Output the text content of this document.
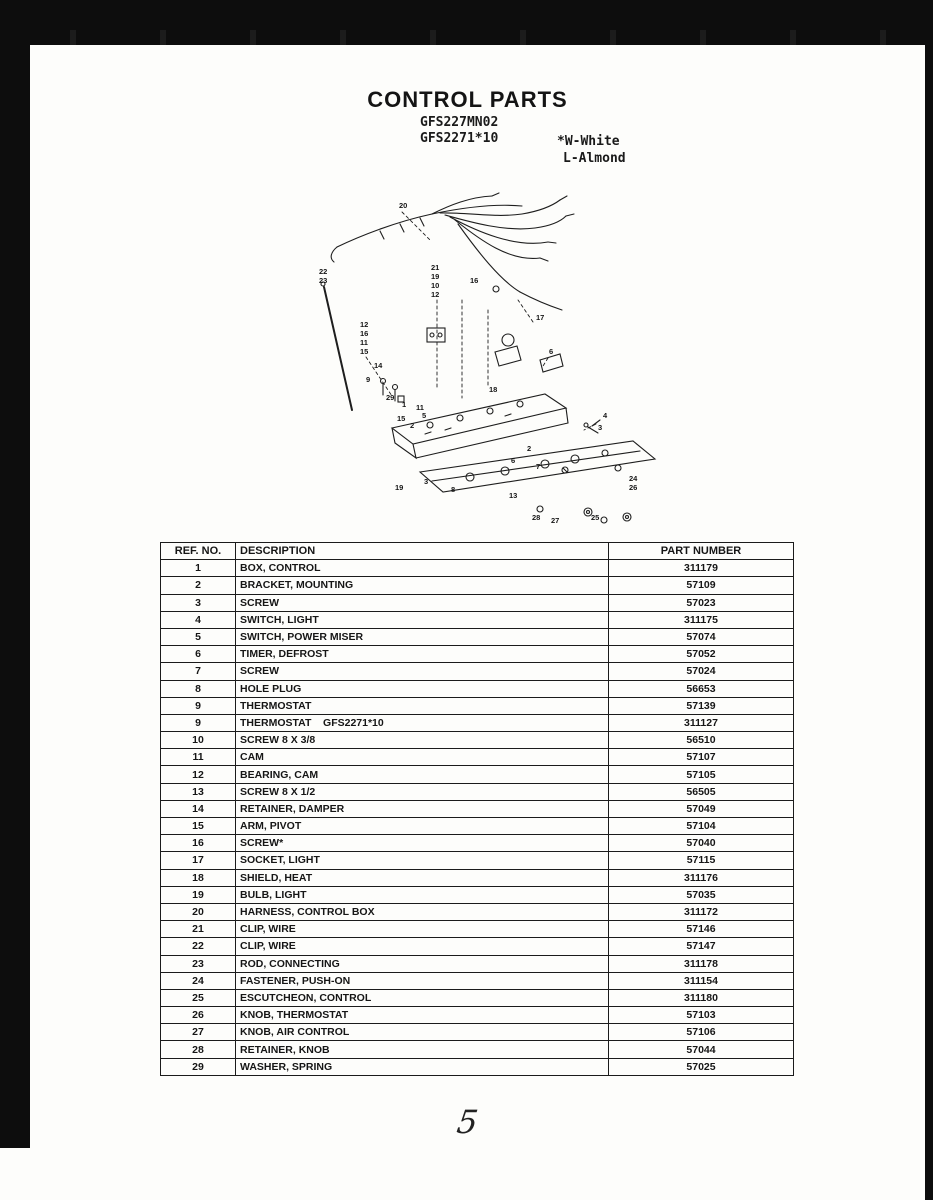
CONTROL PARTS
GFS227MN02
GFS2271*10	*W-White
L-Almond
20
22
23
21
19
10
12
16
17
12
16
11
15
14
9
29
1 11
5
15
2
6
18
4
3
2
6
7
3
8
19
13
24
26
28 27	25
REF. NO.	DESCRIPTION	PART NUMBER
1	BOX, CONTROL	311179
2	BRACKET, MOUNTING	57109
3	SCREW	57023
4	SWITCH, LIGHT	311175
5	SWITCH, POWER MISER	57074
6	TIMER, DEFROST	57052
7	SCREW	57024
8	HOLE PLUG	56653
9	THERMOSTAT	57139
9	THERMOSTAT    GFS2271*10	311127
10	SCREW 8 X 3/8	56510
11	CAM	57107
12	BEARING, CAM	57105
13	SCREW 8 X 1/2	56505
14	RETAINER, DAMPER	57049
15	ARM, PIVOT	57104
16	SCREW*	57040
17	SOCKET, LIGHT	57115
18	SHIELD, HEAT	311176
19	BULB, LIGHT	57035
20	HARNESS, CONTROL BOX	311172
21	CLIP, WIRE	57146
22	CLIP, WIRE	57147
23	ROD, CONNECTING	311178
24	FASTENER, PUSH-ON	311154
25	ESCUTCHEON, CONTROL	311180
26	KNOB, THERMOSTAT	57103
27	KNOB, AIR CONTROL	57106
28	RETAINER, KNOB	57044
29	WASHER, SPRING	57025
5
